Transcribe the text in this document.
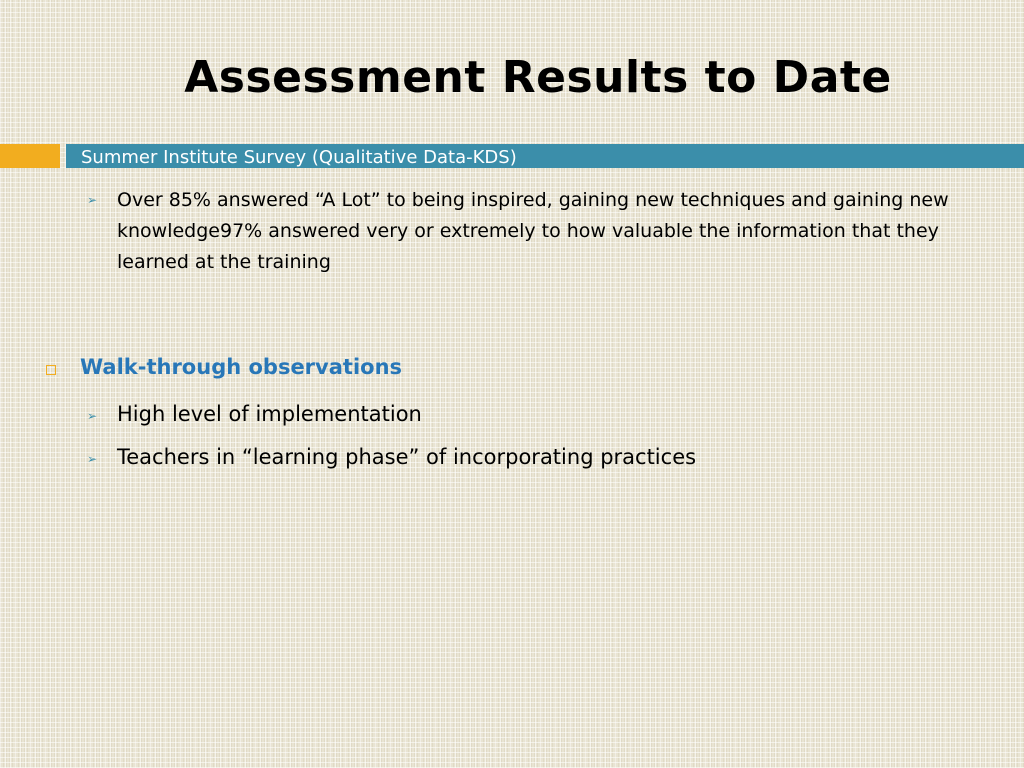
Assessment Results to Date
Summer Institute Survey (Qualitative Data-KDS)
➢ Over 85% answered “A Lot” to being inspired, gaining new techniques and gaining new knowledge97% answered very or extremely to how valuable the information that they learned at the training
Walk-through observations
➢ High level of implementation
➢ Teachers in “learning phase” of incorporating practices
